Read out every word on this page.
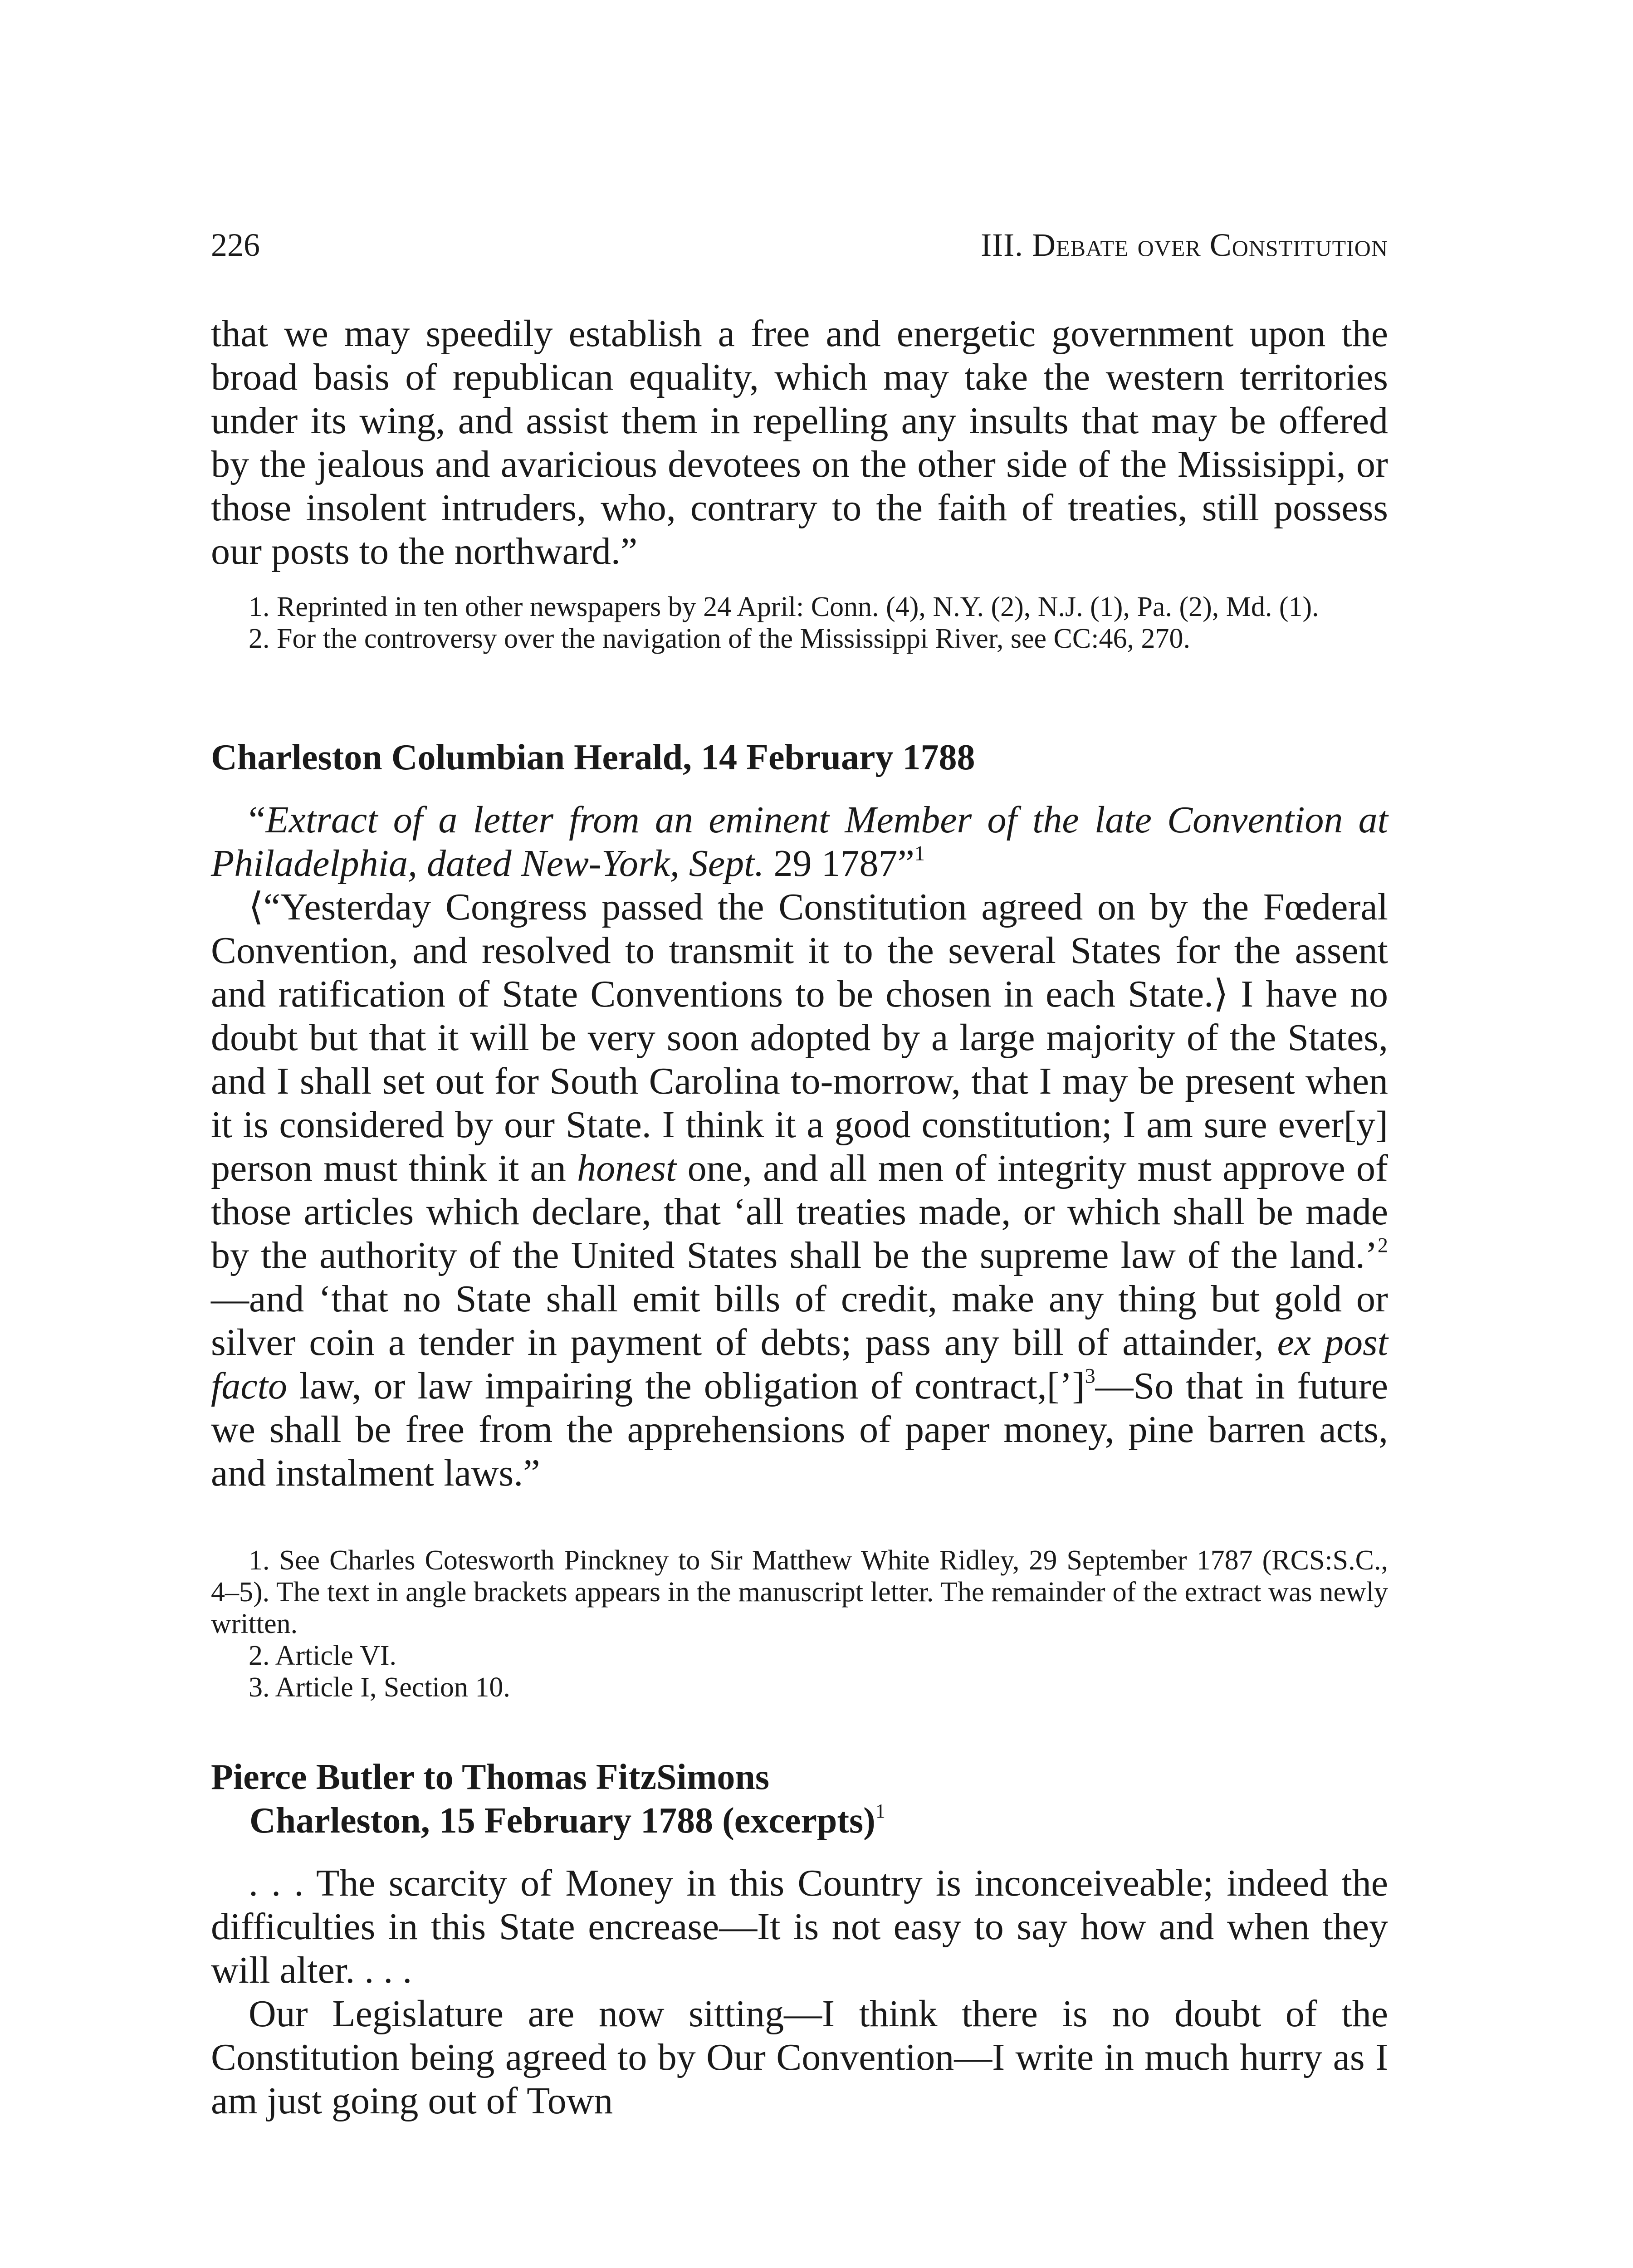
226	III. Debate over Constitution

that we may speedily establish a free and energetic government upon the broad basis of republican equality, which may take the western territories under its wing, and assist them in repelling any insults that may be offered by the jealous and avaricious devotees on the other side of the Missisippi, or those insolent intruders, who, contrary to the faith of treaties, still possess our posts to the northward.”

1. Reprinted in ten other newspapers by 24 April: Conn. (4), N.Y. (2), N.J. (1), Pa. (2), Md. (1).

2. For the controversy over the navigation of the Mississippi River, see CC:46, 270.

Charleston Columbian Herald, 14 February 1788

“Extract of a letter from an eminent Member of the late Convention at Philadelphia, dated New-York, Sept. 29 1787”$^1$

⟨“Yesterday Congress passed the Constitution agreed on by the Fœderal Convention, and resolved to transmit it to the several States for the assent and ratification of State Conventions to be chosen in each State.⟩ I have no doubt but that it will be very soon adopted by a large majority of the States, and I shall set out for South Carolina to-morrow, that I may be present when it is considered by our State. I think it a good constitution; I am sure ever[y] person must think it an honest one, and all men of integrity must approve of those articles which declare, that ‘all treaties made, or which shall be made by the authority of the United States shall be the supreme law of the land.’$^2$—and ‘that no State shall emit bills of credit, make any thing but gold or silver coin a tender in payment of debts; pass any bill of attainder, ex post facto law, or law impairing the obligation of contract,[’]$^3$—So that in future we shall be free from the apprehensions of paper money, pine barren acts, and instalment laws.”

1. See Charles Cotesworth Pinckney to Sir Matthew White Ridley, 29 September 1787 (RCS:S.C., 4–5). The text in angle brackets appears in the manuscript letter. The remainder of the extract was newly written.

2. Article VI.

3. Article I, Section 10.

Pierce Butler to Thomas FitzSimons
Charleston, 15 February 1788 (excerpts)$^1$

. . . The scarcity of Money in this Country is inconceiveable; indeed the difficulties in this State encrease—It is not easy to say how and when they will alter. . . .

Our Legislature are now sitting—I think there is no doubt of the Constitution being agreed to by Our Convention—I write in much hurry as I am just going out of Town
